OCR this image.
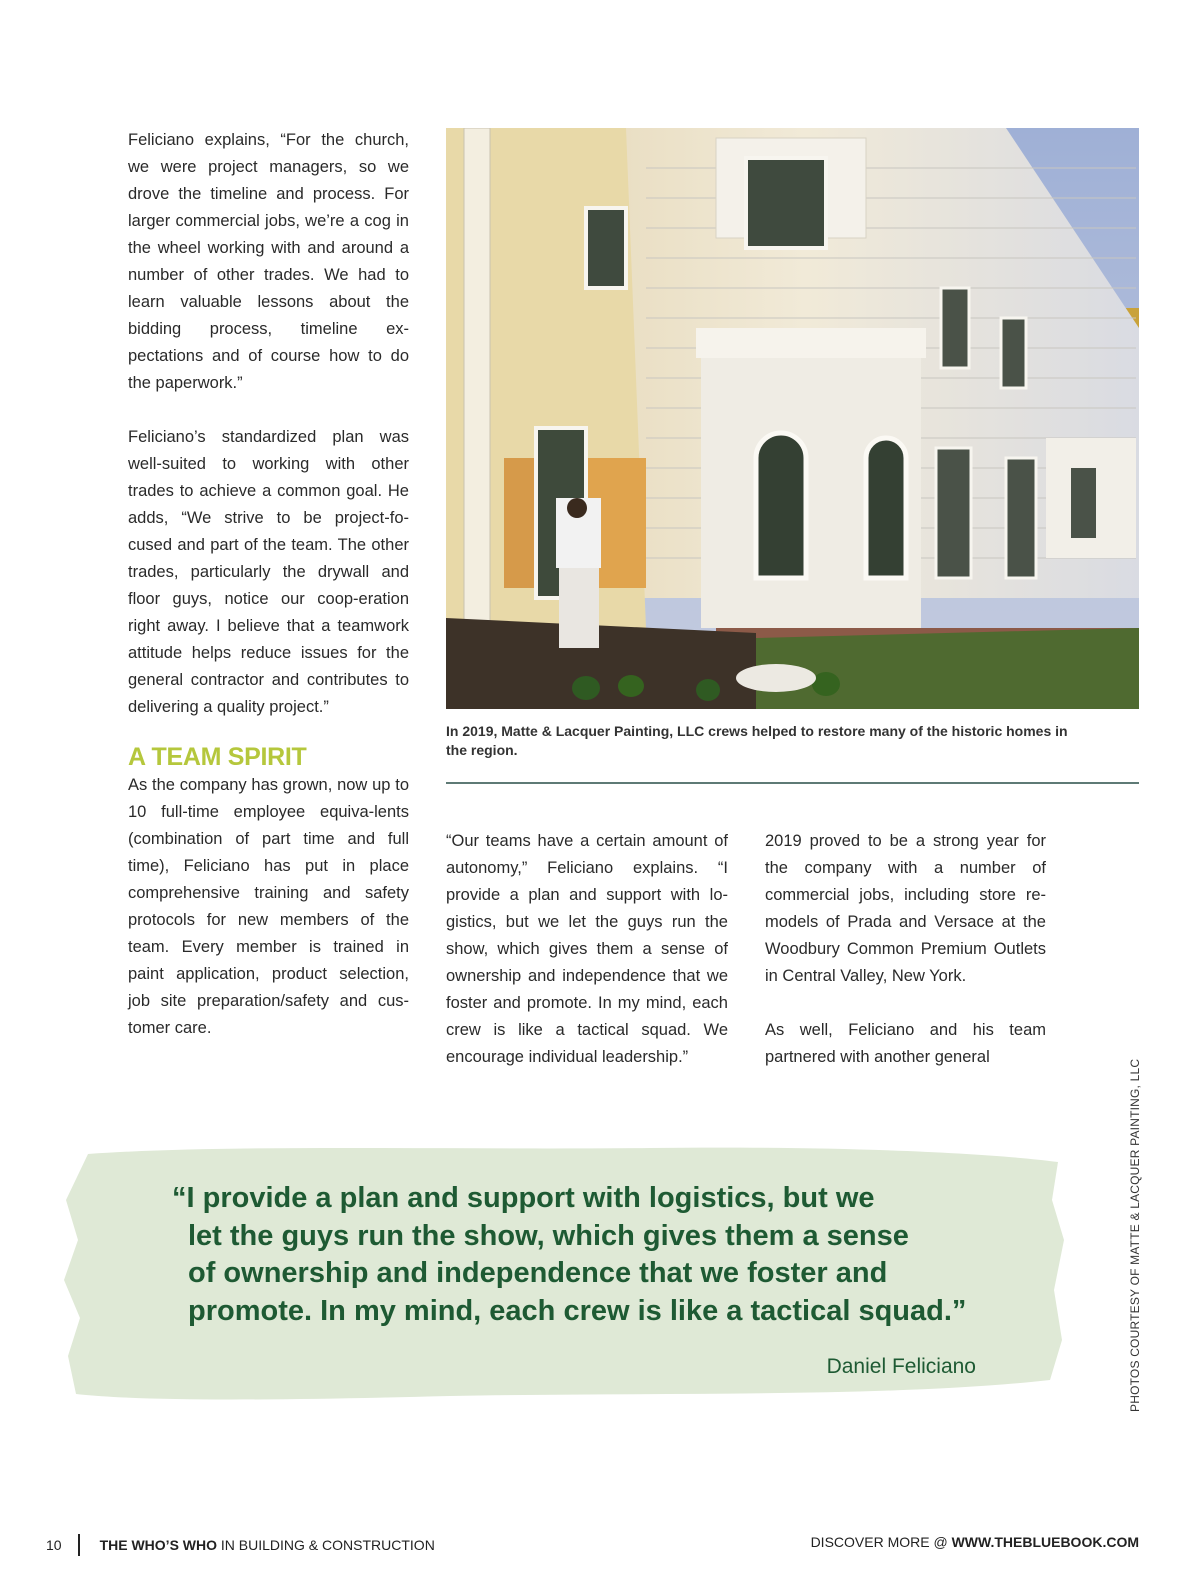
Feliciano explains, “For the church, we were project managers, so we drove the timeline and process. For larger commercial jobs, we’re a cog in the wheel working with and around a number of other trades. We had to learn valuable lessons about the bidding process, timeline ex-pectations and of course how to do the paperwork.”

Feliciano’s standardized plan was well-suited to working with other trades to achieve a common goal. He adds, “We strive to be project-fo-cused and part of the team. The other trades, particularly the drywall and floor guys, notice our coop-eration right away. I believe that a teamwork attitude helps reduce issues for the general contractor and contributes to delivering a quality project.”

A TEAM SPIRIT

As the company has grown, now up to 10 full-time employee equiva-lents (combination of part time and full time), Feliciano has put in place comprehensive training and safety protocols for new members of the team. Every member is trained in paint application, product selection, job site preparation/safety and cus-tomer care.

In 2019, Matte & Lacquer Painting, LLC crews helped to restore many of the historic homes in the region.

“Our teams have a certain amount of autonomy,” Feliciano explains. “I provide a plan and support with lo-gistics, but we let the guys run the show, which gives them a sense of ownership and independence that we foster and promote. In my mind, each crew is like a tactical squad. We encourage individual leadership.”

2019 proved to be a strong year for the company with a number of commercial jobs, including store re-models of Prada and Versace at the Woodbury Common Premium Outlets in Central Valley, New York.

As well, Feliciano and his team partnered with another general

PHOTOS COURTESY OF MATTE & LACQUER PAINTING, LLC
“I provide a plan and support with logistics, but we
let the guys run the show, which gives them a sense
of ownership and independence that we foster and
promote. In my mind, each crew is like a tactical squad.”
Daniel Feliciano
10	THE WHO’S WHO IN BUILDING & CONSTRUCTION	DISCOVER MORE @ WWW.THEBLUEBOOK.COM
